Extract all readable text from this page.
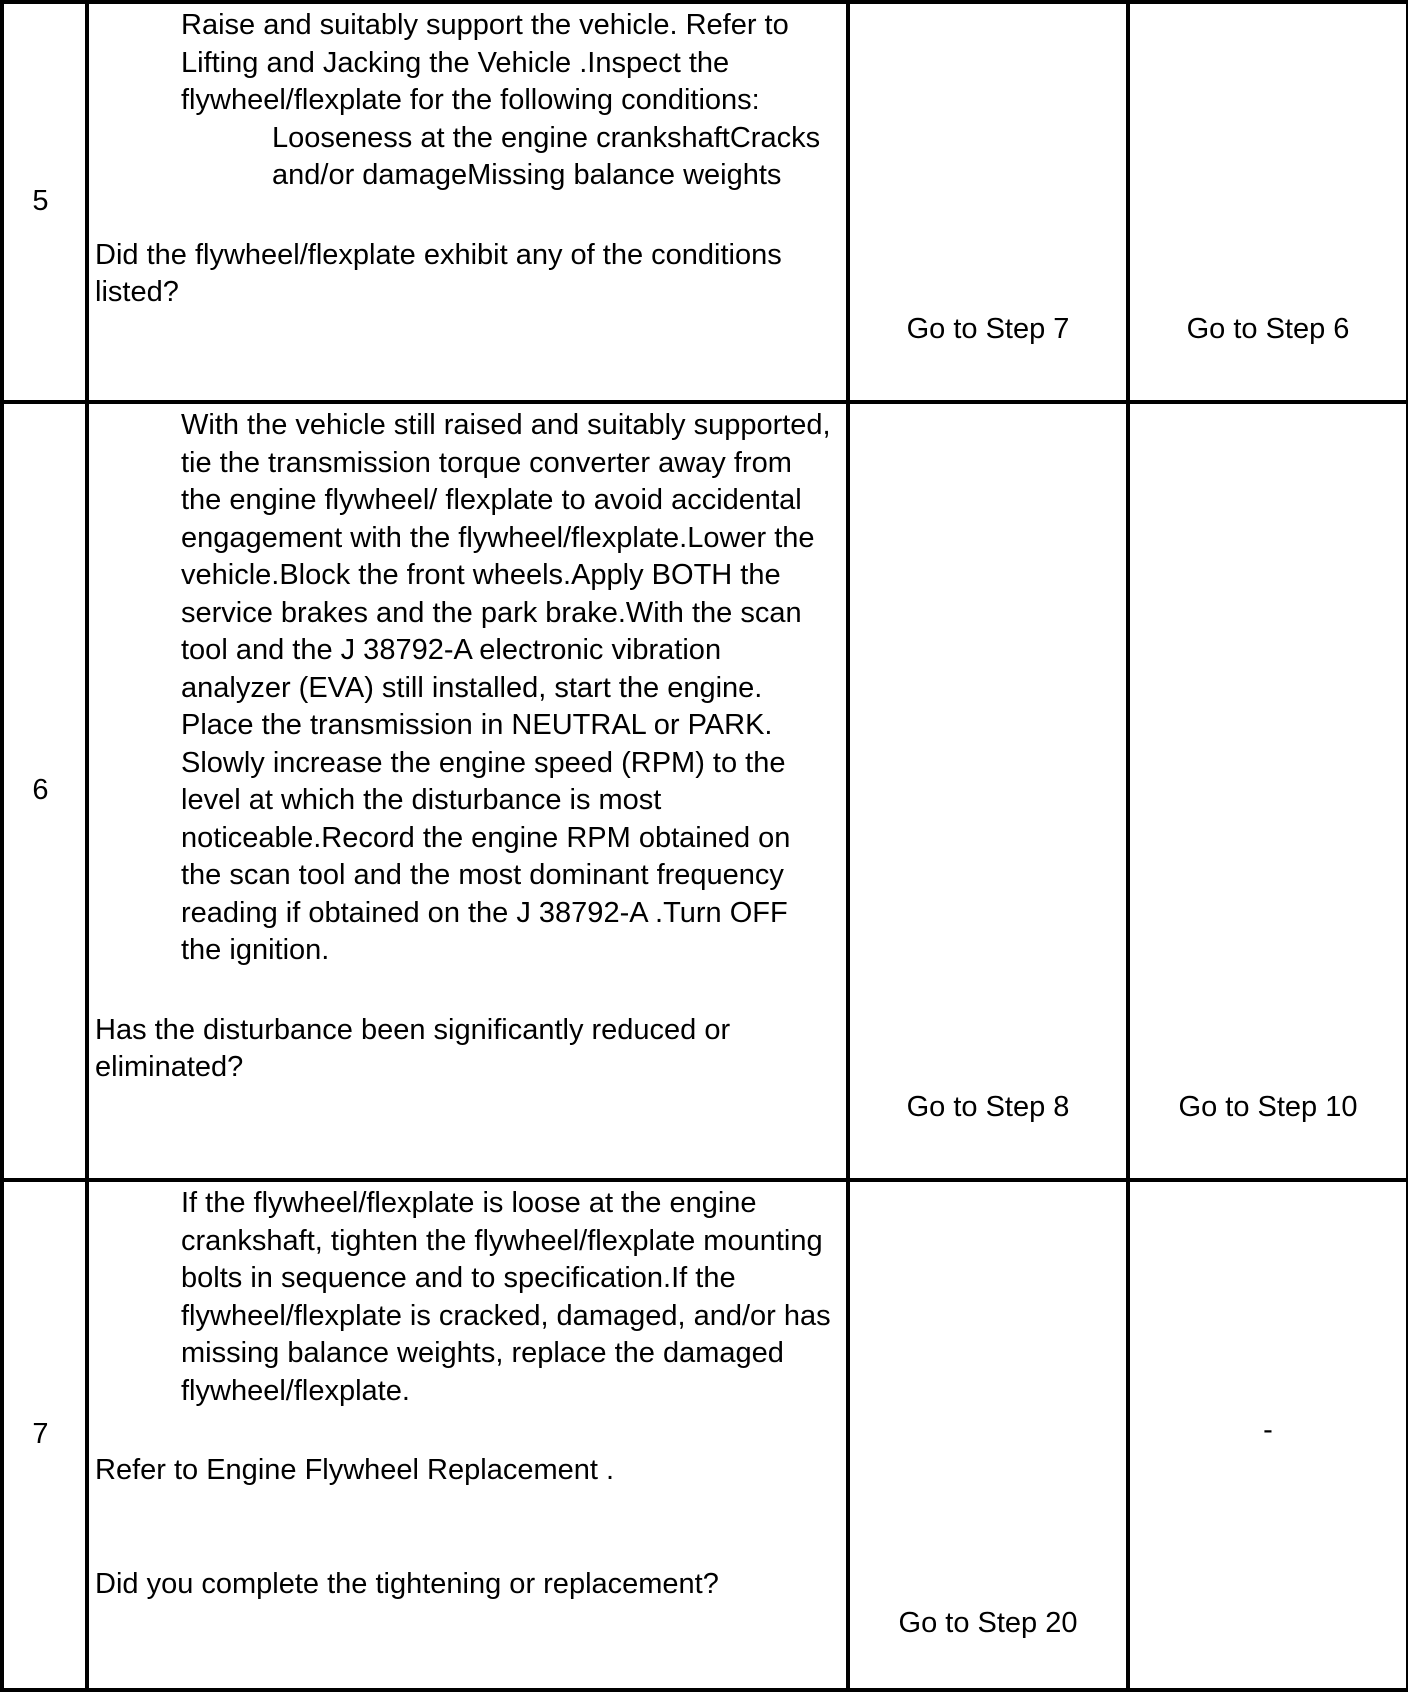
5	Raise and suitably support the vehicle. Refer to Lifting and Jacking the Vehicle .Inspect the flywheel/flexplate for the following conditions:

Looseness at the engine crankshaftCracks and/or damageMissing balance weights

Did the flywheel/flexplate exhibit any of the conditions listed?	Go to Step 7	Go to Step 6

6	With the vehicle still raised and suitably supported, tie the transmission torque converter away from the engine flywheel/ flexplate to avoid accidental engagement with the flywheel/flexplate.Lower the vehicle.Block the front wheels.Apply BOTH the service brakes and the park brake.With the scan tool and the J 38792-A electronic vibration analyzer (EVA) still installed, start the engine. Place the transmission in NEUTRAL or PARK. Slowly increase the engine speed (RPM) to the level at which the disturbance is most noticeable.Record the engine RPM obtained on the scan tool and the most dominant frequency reading if obtained on the J 38792-A .Turn OFF the ignition.

Has the disturbance been significantly reduced or eliminated?	Go to Step 8	Go to Step 10

7	If the flywheel/flexplate is loose at the engine crankshaft, tighten the flywheel/flexplate mounting bolts in sequence and to specification.If the flywheel/flexplate is cracked, damaged, and/or has missing balance weights, replace the damaged flywheel/flexplate.

Refer to Engine Flywheel Replacement .

Did you complete the tightening or replacement?	Go to Step 20	-
